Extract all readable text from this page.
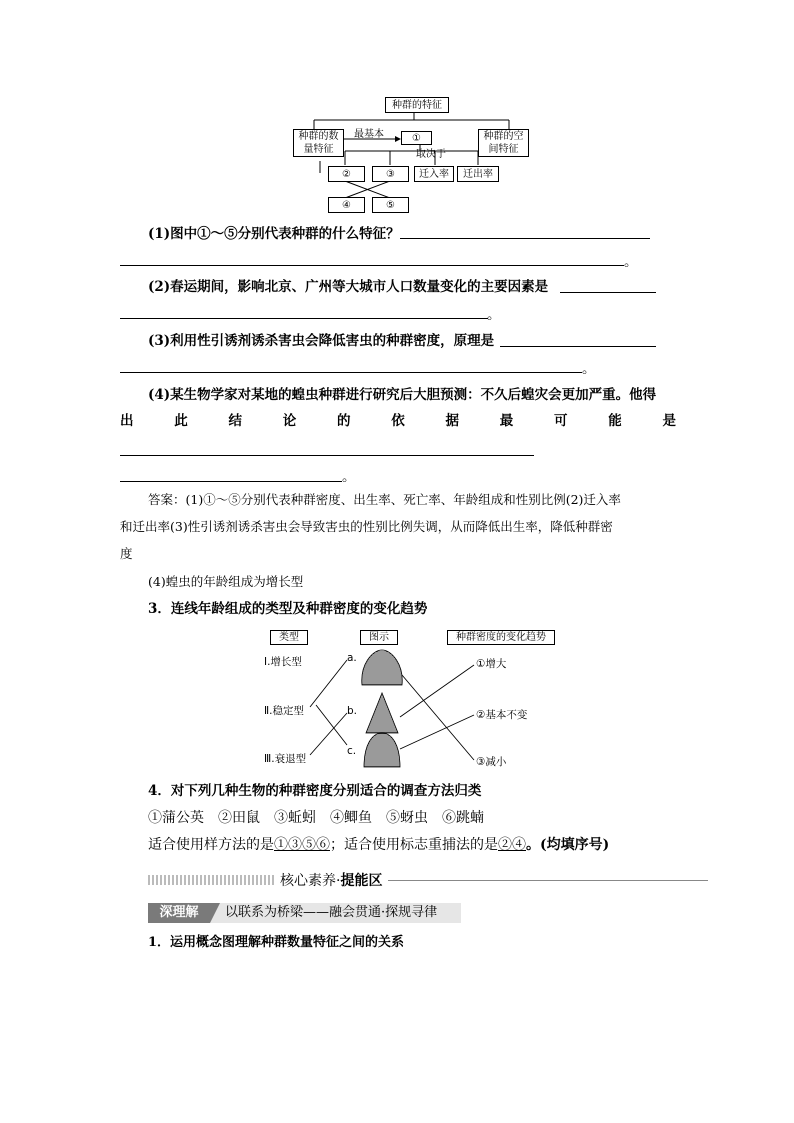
种群的特征
种群的数量特征
种群的空间特征
①
最基本
取决于
②	③	迁入率	迁出率
④	⑤
(1)图中①～⑤分别代表种群的什么特征？
。
(2)春运期间，影响北京、广州等大城市人口数量变化的主要因素是
。
(3)利用性引诱剂诱杀害虫会降低害虫的种群密度，原理是
。
(4)某生物学家对某地的蝗虫种群进行研究后大胆预测：不久后蝗灾会更加严重。他得
出	此	结	论	的	依	据	最	可	能	是
。
答案：(1)①～⑤分别代表种群密度、出生率、死亡率、年龄组成和性别比例(2)迁入率
和迁出率(3)性引诱剂诱杀害虫会导致害虫的性别比例失调，从而降低出生率，降低种群密
度
(4)蝗虫的年龄组成为增长型
3．连线年龄组成的类型及种群密度的变化趋势
类型	图示	种群密度的变化趋势
Ⅰ.增长型
Ⅱ.稳定型
Ⅲ.衰退型
a.
b.
c.
①增大
②基本不变
③减小
4．对下列几种生物的种群密度分别适合的调查方法归类
①蒲公英　②田鼠　③蚯蚓　④鲫鱼　⑤蚜虫　⑥跳蝻
适合使用样方法的是①③⑤⑥；适合使用标志重捕法的是②④。(均填序号)
核心素养·提能区
深理解	以联系为桥梁——融会贯通·探规寻律
1．运用概念图理解种群数量特征之间的关系
